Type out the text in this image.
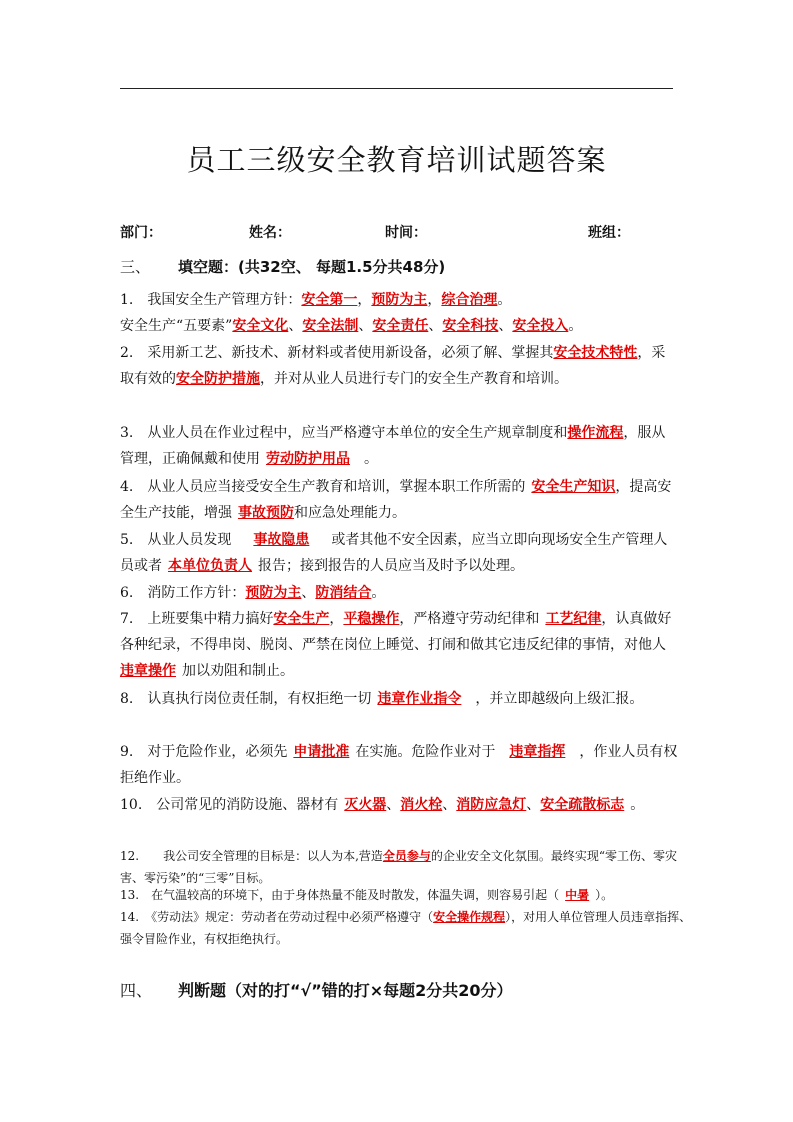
员工三级安全教育培训试题答案
部门：	姓名：	时间：	班组：
三、 填空题：(共32空、 每题1.5分共48分)
1.　我国安全生产管理方针：安全第一，预防为主，综合治理。
安全生产“五要素”安全文化、安全法制、安全责任、安全科技、安全投入。
2.　采用新工艺、新技术、新材料或者使用新设备，必须了解、掌握其安全技术特性，采取有效的安全防护措施，并对从业人员进行专门的安全生产教育和培训。
3.　从业人员在作业过程中，应当严格遵守本单位的安全生产规章制度和操作流程，服从管理，正确佩戴和使用 劳动防护用品 。
4.　从业人员应当接受安全生产教育和培训，掌握本职工作所需的 安全生产知识，提高安全生产技能，增强 事故预防和应急处理能力。
5.　从业人员发现 事故隐患 或者其他不安全因素，应当立即向现场安全生产管理人员或者 本单位负责人 报告；接到报告的人员应当及时予以处理。
6.　消防工作方针：预防为主、防消结合。
7.　上班要集中精力搞好安全生产，平稳操作，严格遵守劳动纪律和 工艺纪律，认真做好各种纪录，不得串岗、脱岗、严禁在岗位上睡觉、打闹和做其它违反纪律的事情，对他人违章操作 加以劝阻和制止。
8.　认真执行岗位责任制，有权拒绝一切 违章作业指令 ，并立即越级向上级汇报。
9.　对于危险作业，必须先 申请批准 在实施。危险作业对于 违章指挥 ，作业人员有权拒绝作业。
10.　公司常见的消防设施、器材有 灭火器、消火栓、消防应急灯、安全疏散标志 。
12.　　我公司安全管理的目标是：以人为本,营造全员参与的企业安全文化氛围。最终实现“零工伤、零灾害、零污染”的“三零”目标。
13.　在气温较高的环境下，由于身体热量不能及时散发，体温失调，则容易引起（ 中暑 ）。
14.　《劳动法》规定：劳动者在劳动过程中必须严格遵守（安全操作规程），对用人单位管理人员违章指挥、强令冒险作业，有权拒绝执行。
四、 判断题（对的打“√”错的打×每题2分共20分）
